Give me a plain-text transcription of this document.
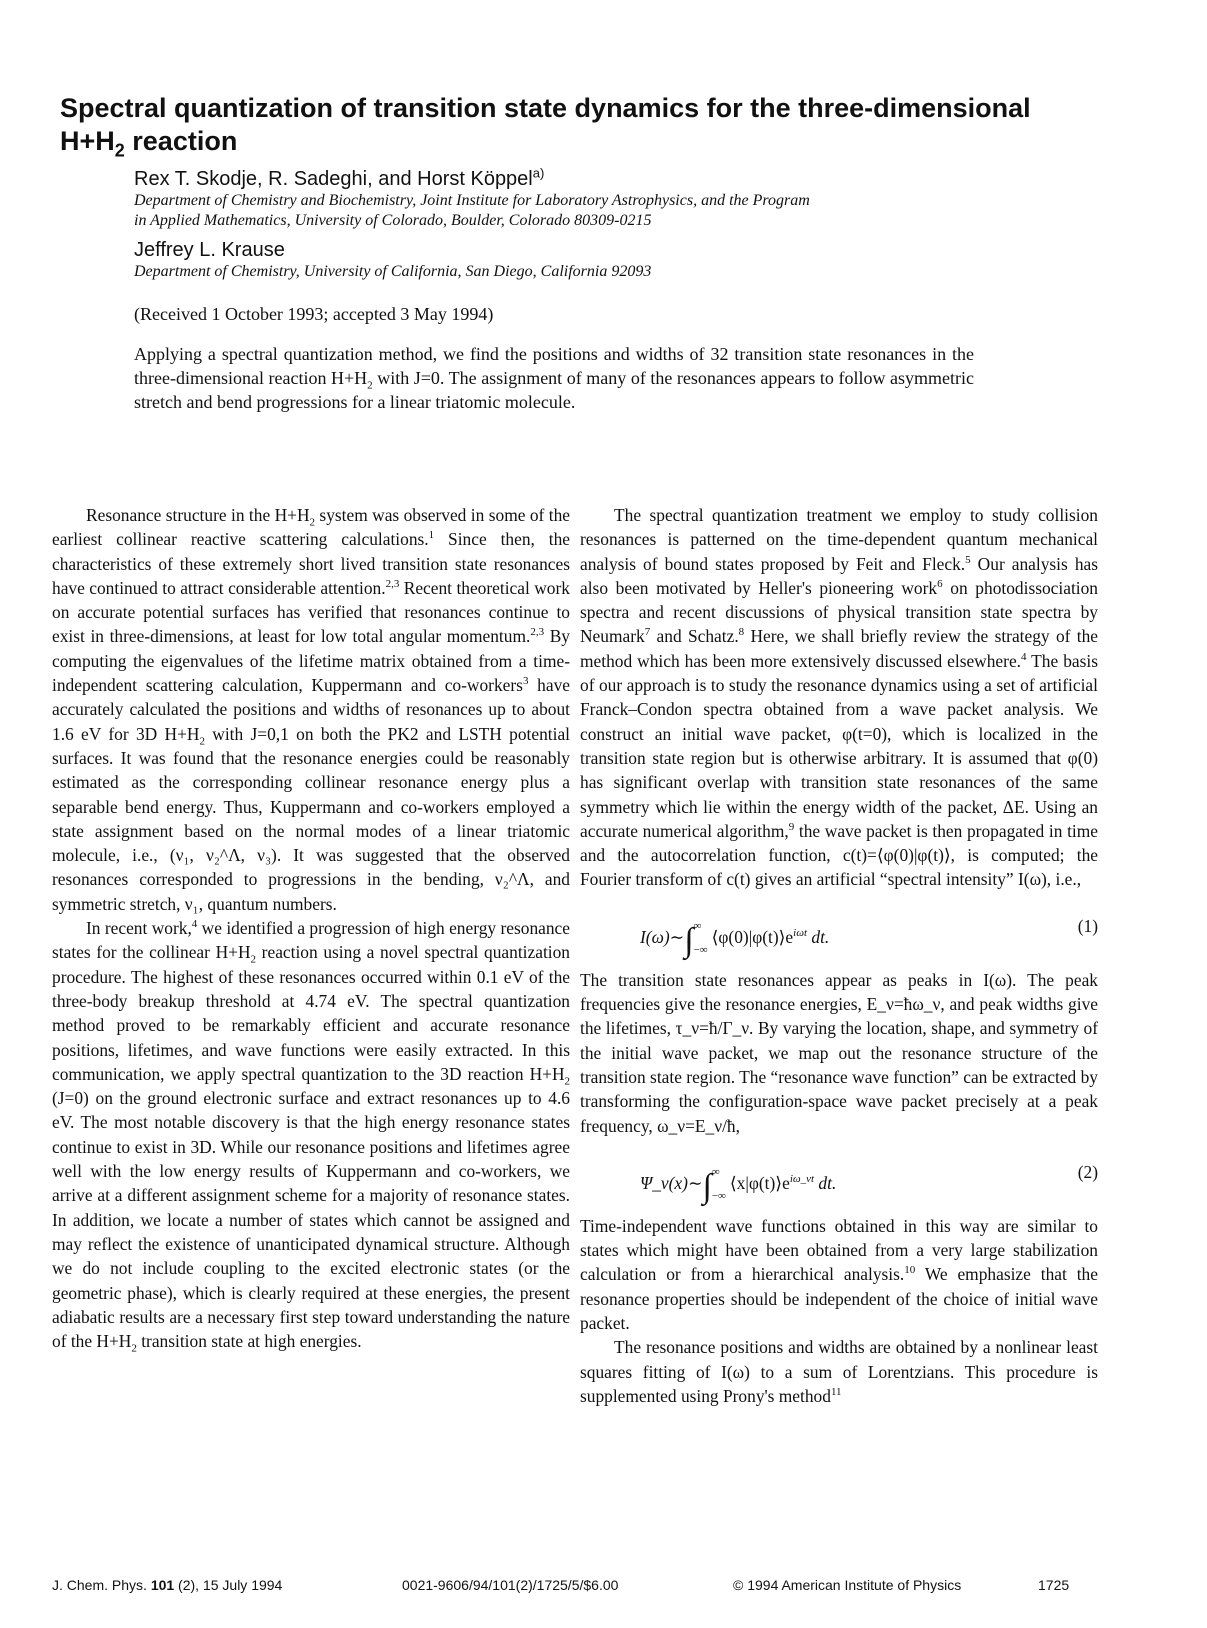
Spectral quantization of transition state dynamics for the three-dimensional
$H+H_2$ reaction

Rex T. Skodje, R. Sadeghi, and Horst Köppel$^{a)}$

Department of Chemistry and Biochemistry, Joint Institute for Laboratory Astrophysics, and the Program
in Applied Mathematics, University of Colorado, Boulder, Colorado 80309-0215

Jeffrey L. Krause

Department of Chemistry, University of California, San Diego, California 92093

(Received 1 October 1993; accepted 3 May 1994)

Applying a spectral quantization method, we find the positions and widths of 32 transition state resonances in the three-dimensional reaction $H+H_2$ with J=0. The assignment of many of the resonances appears to follow asymmetric stretch and bend progressions for a linear triatomic molecule.

Resonance structure in the $H+H_2$ system was observed in some of the earliest collinear reactive scattering calculations.$^1$ Since then, the characteristics of these extremely short lived transition state resonances have continued to attract considerable attention.$^{2,3}$ Recent theoretical work on accurate potential surfaces has verified that resonances continue to exist in three-dimensions, at least for low total angular momentum.$^{2,3}$ By computing the eigenvalues of the lifetime matrix obtained from a time-independent scattering calculation, Kuppermann and co-workers$^3$ have accurately calculated the positions and widths of resonances up to about 1.6 eV for 3D $H+H_2$ with J=0,1 on both the PK2 and LSTH potential surfaces. It was found that the resonance energies could be reasonably estimated as the corresponding collinear resonance energy plus a separable bend energy. Thus, Kuppermann and co-workers employed a state assignment based on the normal modes of a linear triatomic molecule, i.e., (ν₁, ν₂^Λ, ν₃). It was suggested that the observed resonances corresponded to progressions in the bending, ν₂^Λ, and symmetric stretch, ν₁, quantum numbers.

In recent work,$^4$ we identified a progression of high energy resonance states for the collinear $H+H_2$ reaction using a novel spectral quantization procedure. The highest of these resonances occurred within 0.1 eV of the three-body breakup threshold at 4.74 eV. The spectral quantization method proved to be remarkably efficient and accurate resonance positions, lifetimes, and wave functions were easily extracted. In this communication, we apply spectral quantization to the 3D reaction $H+H_2$ (J=0) on the ground electronic surface and extract resonances up to 4.6 eV. The most notable discovery is that the high energy resonance states continue to exist in 3D. While our resonance positions and lifetimes agree well with the low energy results of Kuppermann and co-workers, we arrive at a different assignment scheme for a majority of resonance states. In addition, we locate a number of states which cannot be assigned and may reflect the existence of unanticipated dynamical structure. Although we do not include coupling to the excited electronic states (or the geometric phase), which is clearly required at these energies, the present adiabatic results are a necessary first step toward understanding the nature of the $H+H_2$ transition state at high energies.

The spectral quantization treatment we employ to study collision resonances is patterned on the time-dependent quantum mechanical analysis of bound states proposed by Feit and Fleck.$^5$ Our analysis has also been motivated by Heller's pioneering work$^6$ on photodissociation spectra and recent discussions of physical transition state spectra by Neumark$^7$ and Schatz.$^8$ Here, we shall briefly review the strategy of the method which has been more extensively discussed elsewhere.$^4$ The basis of our approach is to study the resonance dynamics using a set of artificial Franck–Condon spectra obtained from a wave packet analysis. We construct an initial wave packet, φ(t=0), which is localized in the transition state region but is otherwise arbitrary. It is assumed that φ(0) has significant overlap with transition state resonances of the same symmetry which lie within the energy width of the packet, ΔE. Using an accurate numerical algorithm,$^9$ the wave packet is then propagated in time and the autocorrelation function, c(t)=⟨φ(0)|φ(t)⟩, is computed; the Fourier transform of c(t) gives an artificial “spectral intensity” I(ω), i.e.,

I(ω)∼∫∞
$-\infty⟨\varphi(0)|\varphi(t)⟩e^{i\omega t}$ dt.
(1)

The transition state resonances appear as peaks in I(ω). The peak frequencies give the resonance energies, E_ν=ħω_ν, and peak widths give the lifetimes, τ_ν=ħ/Γ_ν. By varying the location, shape, and symmetry of the initial wave packet, we map out the resonance structure of the transition state region. The “resonance wave function” can be extracted by transforming the configuration-space wave packet precisely at a peak frequency, ω_ν=E_ν/ħ,

Ψ_ν(x)∼∫∞
$-\infty⟨x|\varphi(t)⟩e^{i\omega\_\nu t}$ dt.
(2)

Time-independent wave functions obtained in this way are similar to states which might have been obtained from a very large stabilization calculation or from a hierarchical analysis.$^{10}$ We emphasize that the resonance properties should be independent of the choice of initial wave packet.

The resonance positions and widths are obtained by a nonlinear least squares fitting of I(ω) to a sum of Lorentzians. This procedure is supplemented using Prony's method$^{11}$

J. Chem. Phys. 101 (2), 15 July 1994	0021-9606/94/101(2)/1725/5/$6.00	© 1994 American Institute of Physics	1725
